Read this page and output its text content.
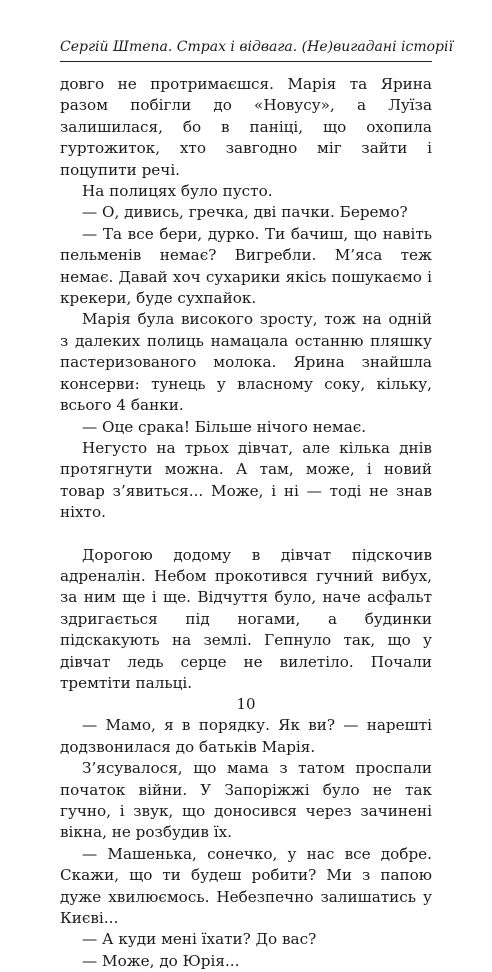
Сергій Штепа. Страх і відвага. (Не)вигадані історії

довго не протримаєшся. Марія та Ярина разом побігли до «Новусу», а Луїза залишилася, бо в паніці, що охопила гуртожиток, хто завгодно міг зайти і поцупити речі.

На полицях було пусто.

— О, дивись, гречка, дві пачки. Беремо?

— Та все бери, дурко. Ти бачиш, що навіть пельменів немає? Вигребли. М’яса теж немає. Давай хоч сухарики якісь пошукаємо і крекери, буде сухпайок.

Марія була високого зросту, тож на одній з далеких полиць намацала останню пляшку пастеризованого молока. Ярина знайшла консерви: тунець у власному соку, кільку, всього 4 банки.

— Оце срака! Більше нічого немає.

Негусто на трьох дівчат, але кілька днів протягнути можна. А там, може, і новий товар з’явиться... Може, і ні — тоді не знав ніхто.

Дорогою додому в дівчат підскочив адреналін. Небом прокотився гучний вибух, за ним ще і ще. Відчуття було, наче асфальт здригається під ногами, а будинки підскакують на землі. Гепнуло так, що у дівчат ледь серце не вилетіло. Почали тремтіти пальці.

— Мамо, я в порядку. Як ви? — нарешті додзвонилася до батьків Марія.

З’ясувалося, що мама з татом проспали початок війни. У Запоріжжі було не так гучно, і звук, що доносився через зачинені вікна, не розбудив їх.

— Машенька, сонечко, у нас все добре. Скажи, що ти будеш робити? Ми з папою дуже хвилюємось. Небезпечно залишатись у Києві...

— А куди мені їхати? До вас?

— Може, до Юрія...

10
